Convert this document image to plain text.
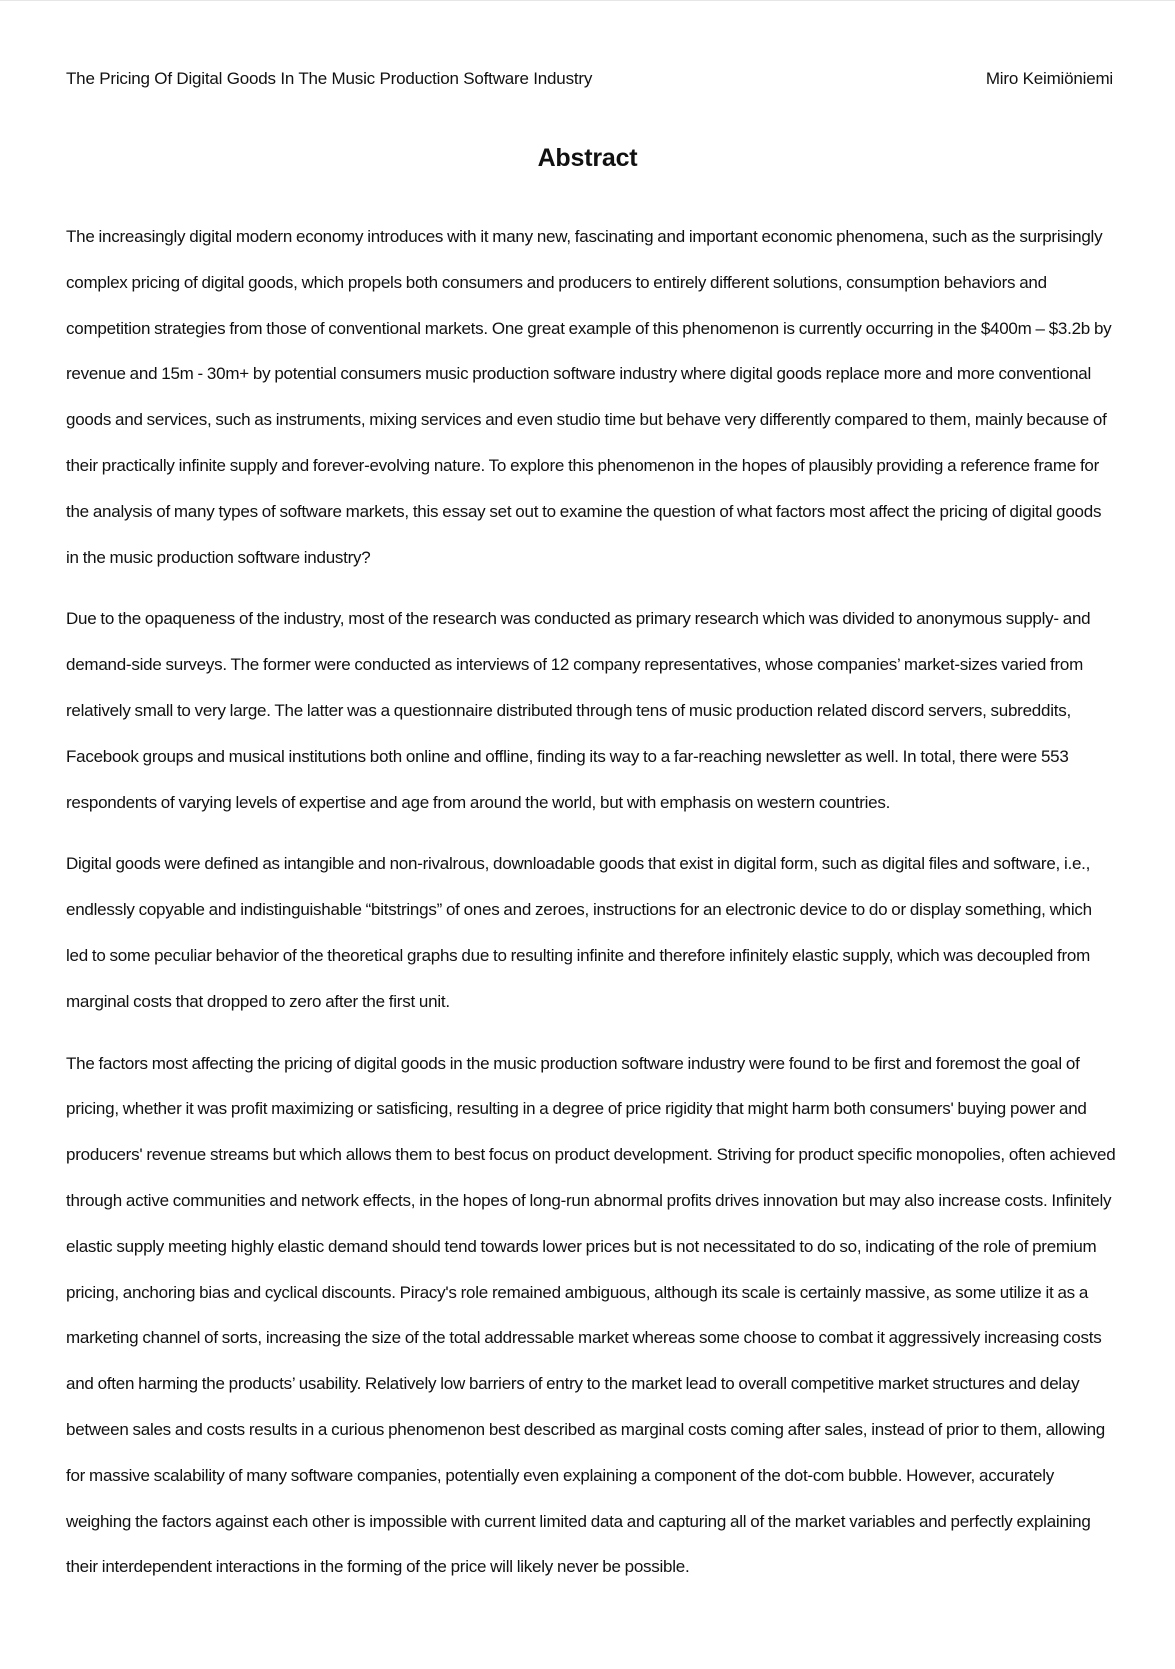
The Pricing Of Digital Goods In The Music Production Software Industry	Miro Keimiöniemi
Abstract

The increasingly digital modern economy introduces with it many new, fascinating and important economic phenomena, such as the surprisingly complex pricing of digital goods, which propels both consumers and producers to entirely different solutions, consumption behaviors and competition strategies from those of conventional markets. One great example of this phenomenon is currently occurring in the $400m – $3.2b by revenue and 15m - 30m+ by potential consumers music production software industry where digital goods replace more and more conventional goods and services, such as instruments, mixing services and even studio time but behave very differently compared to them, mainly because of their practically infinite supply and forever-evolving nature. To explore this phenomenon in the hopes of plausibly providing a reference frame for the analysis of many types of software markets, this essay set out to examine the question of what factors most affect the pricing of digital goods in the music production software industry?

Due to the opaqueness of the industry, most of the research was conducted as primary research which was divided to anonymous supply- and demand-side surveys. The former were conducted as interviews of 12 company representatives, whose companies’ market-sizes varied from relatively small to very large. The latter was a questionnaire distributed through tens of music production related discord servers, subreddits, Facebook groups and musical institutions both online and offline, finding its way to a far-reaching newsletter as well. In total, there were 553 respondents of varying levels of expertise and age from around the world, but with emphasis on western countries.

Digital goods were defined as intangible and non-rivalrous, downloadable goods that exist in digital form, such as digital files and software, i.e., endlessly copyable and indistinguishable “bitstrings” of ones and zeroes, instructions for an electronic device to do or display something, which led to some peculiar behavior of the theoretical graphs due to resulting infinite and therefore infinitely elastic supply, which was decoupled from marginal costs that dropped to zero after the first unit.

The factors most affecting the pricing of digital goods in the music production software industry were found to be first and foremost the goal of pricing, whether it was profit maximizing or satisficing, resulting in a degree of price rigidity that might harm both consumers' buying power and producers' revenue streams but which allows them to best focus on product development. Striving for product specific monopolies, often achieved through active communities and network effects, in the hopes of long-run abnormal profits drives innovation but may also increase costs. Infinitely elastic supply meeting highly elastic demand should tend towards lower prices but is not necessitated to do so, indicating of the role of premium pricing, anchoring bias and cyclical discounts. Piracy's role remained ambiguous, although its scale is certainly massive, as some utilize it as a marketing channel of sorts, increasing the size of the total addressable market whereas some choose to combat it aggressively increasing costs and often harming the products’ usability. Relatively low barriers of entry to the market lead to overall competitive market structures and delay between sales and costs results in a curious phenomenon best described as marginal costs coming after sales, instead of prior to them, allowing for massive scalability of many software companies, potentially even explaining a component of the dot-com bubble. However, accurately weighing the factors against each other is impossible with current limited data and capturing all of the market variables and perfectly explaining their interdependent interactions in the forming of the price will likely never be possible.
